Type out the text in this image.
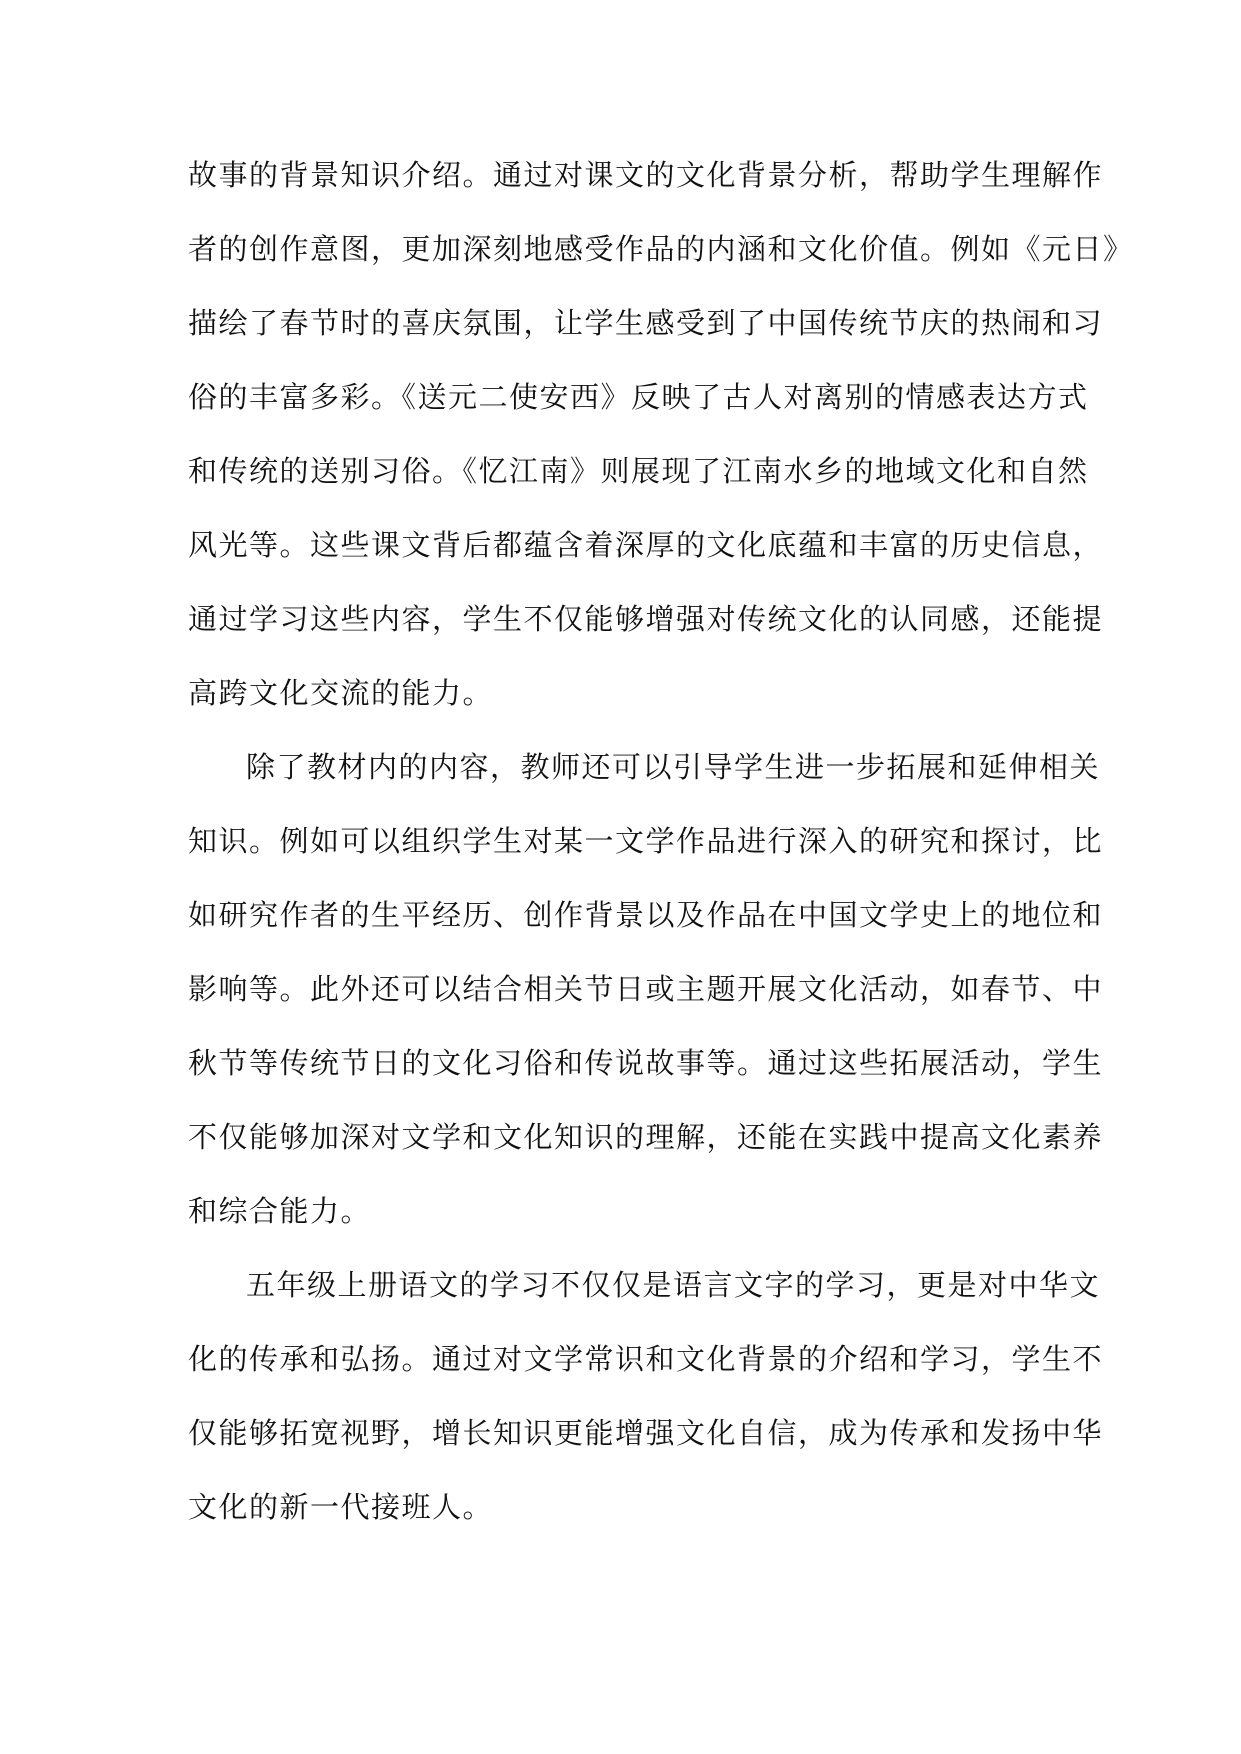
故事的背景知识介绍。通过对课文的文化背景分析，帮助学生理解作
者的创作意图，更加深刻地感受作品的内涵和文化价值。例如《元日》
描绘了春节时的喜庆氛围，让学生感受到了中国传统节庆的热闹和习
俗的丰富多彩。《送元二使安西》反映了古人对离别的情感表达方式
和传统的送别习俗。《忆江南》则展现了江南水乡的地域文化和自然
风光等。这些课文背后都蕴含着深厚的文化底蕴和丰富的历史信息，
通过学习这些内容，学生不仅能够增强对传统文化的认同感，还能提
高跨文化交流的能力。
除了教材内的内容，教师还可以引导学生进一步拓展和延伸相关
知识。例如可以组织学生对某一文学作品进行深入的研究和探讨，比
如研究作者的生平经历、创作背景以及作品在中国文学史上的地位和
影响等。此外还可以结合相关节日或主题开展文化活动，如春节、中
秋节等传统节日的文化习俗和传说故事等。通过这些拓展活动，学生
不仅能够加深对文学和文化知识的理解，还能在实践中提高文化素养
和综合能力。
五年级上册语文的学习不仅仅是语言文字的学习，更是对中华文
化的传承和弘扬。通过对文学常识和文化背景的介绍和学习，学生不
仅能够拓宽视野，增长知识更能增强文化自信，成为传承和发扬中华
文化的新一代接班人。
